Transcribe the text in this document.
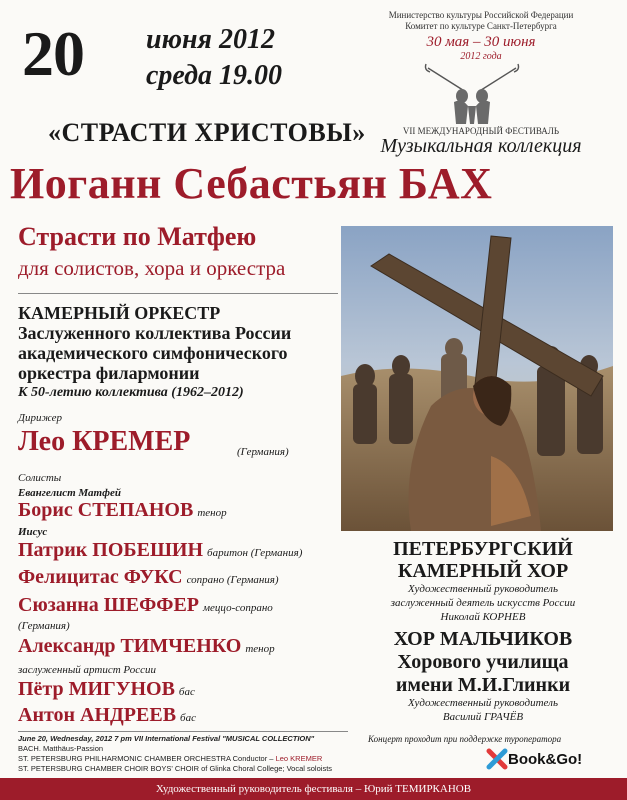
20 июня 2012
среда 19.00
«СТРАСТИ ХРИСТОВЫ»
Министерство культуры Российской Федерации
Комитет по культуре Санкт-Петербурга
30 мая – 30 июня
2012 года
VII МЕЖДУНАРОДНЫЙ ФЕСТИВАЛЬ
Музыкальная коллекция
Иоганн Себастьян БАХ
Страсти по Матфею
для солистов, хора и оркестра
КАМЕРНЫЙ ОРКЕСТР
Заслуженного коллектива России
академического симфонического
оркестра филармонии
К 50-летию коллектива (1962–2012)
Дирижер
Лео КРЕМЕР	(Германия)
Солисты
Евангелист Матфей
Борис СТЕПАНОВ тенор
Иисус
Патрик ПОБЕШИН баритон (Германия)
Фелицитас ФУКС сопрано (Германия)
Сюзанна ШЕФФЕР меццо-сопрано
(Германия)
Александр ТИМЧЕНКО тенор
заслуженный артист России
Пётр МИГУНОВ бас
Антон АНДРЕЕВ бас
ПЕТЕРБУРГСКИЙ
КАМЕРНЫЙ ХОР
Художественный руководитель
заслуженный деятель искусств России
Николай КОРНЕВ
ХОР МАЛЬЧИКОВ
Хорового училища
имени М.И.Глинки
Художественный руководитель
Василий ГРАЧЁВ
June 20, Wednesday, 2012 7 pm VII International Festival "MUSICAL COLLECTION"
BACH. Matthäus-Passion
ST. PETERSBURG PHILHARMONIC CHAMBER ORCHESTRA Conductor – Leo KREMER
ST. PETERSBURG CHAMBER CHOIR BOYS' CHOIR of Glinka Choral College; Vocal soloists
Концерт проходит при поддержке туроператора
Book&Go!
Художественный руководитель фестиваля – Юрий ТЕМИРКАНОВ
